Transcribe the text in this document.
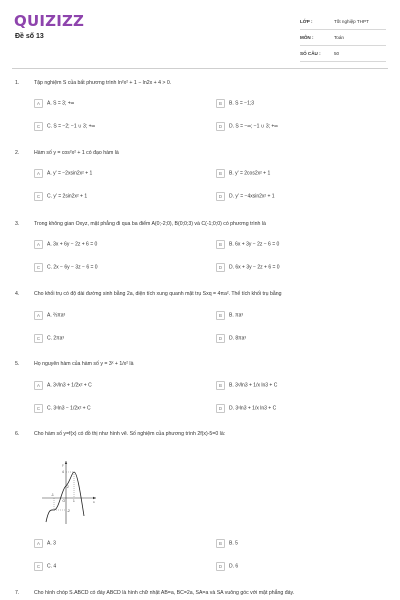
QUIZIZZ
Đề số 13
LỚP :	Tốt nghiệp THPT
MÔN :	Toán
SỐ CÂU :	50
1.	Tập nghiệm S của bất phương trình ln²x² + 1 − ln2x + 4 > 0.
A A. S = 3; +∞	B B. S = −1;3
C C. S = −2; −1 ∪ 3; +∞	D D. S = −∞; −1 ∪ 3; +∞
2.	Hàm số y = cos²x² + 1 có đạo hàm là
A A. y' = −2xsin2x² + 1	B B. y' = 2cos2x² + 1
C C. y' = 2sin2x² + 1	D D. y' = −4xsin2x² + 1
3.	Trong không gian Oxyz, mặt phẳng đi qua ba điểm A(0;-2;0), B(0;0;3) và C(-1;0;0) có phương trình là
A A. 3x + 6y − 2z + 6 = 0	B B. 6x + 3y − 2z − 6 = 0
C C. 2x − 6y − 3z − 6 = 0	D D. 6x + 3y − 2z + 6 = 0
4.	Cho khối trụ có độ dài đường sinh bằng 2a, diện tích xung quanh mặt trụ Sxq = 4πa². Thể tích khối trụ bằng
A A. ⅔πa³	B B. πa³
C C. 2πa³	D D. 8πa³
5.	Họ nguyên hàm của hàm số y = 3ˣ + 1/x² là
A A. 3ˣ/ln3 + 1/2x² + C	B B. 3ˣ/ln3 + 1/x ln3 + C
C C. 3ˣln3 − 1/2x² + C	D D. 3ˣln3 + 1/x ln3 + C
6.	Cho hàm số y=f(x) có đồ thị như hình vẽ. Số nghiệm của phương trình 2f(x)-5=0 là:
A A. 3	B B. 5
C C. 4	D D. 6
y
x
4
O
-1
1
-2
2
7.	Cho hình chóp S.ABCD có đáy ABCD là hình chữ nhật AB=a, BC=2a, SA=a và SA vuông góc với mặt phẳng đáy.
